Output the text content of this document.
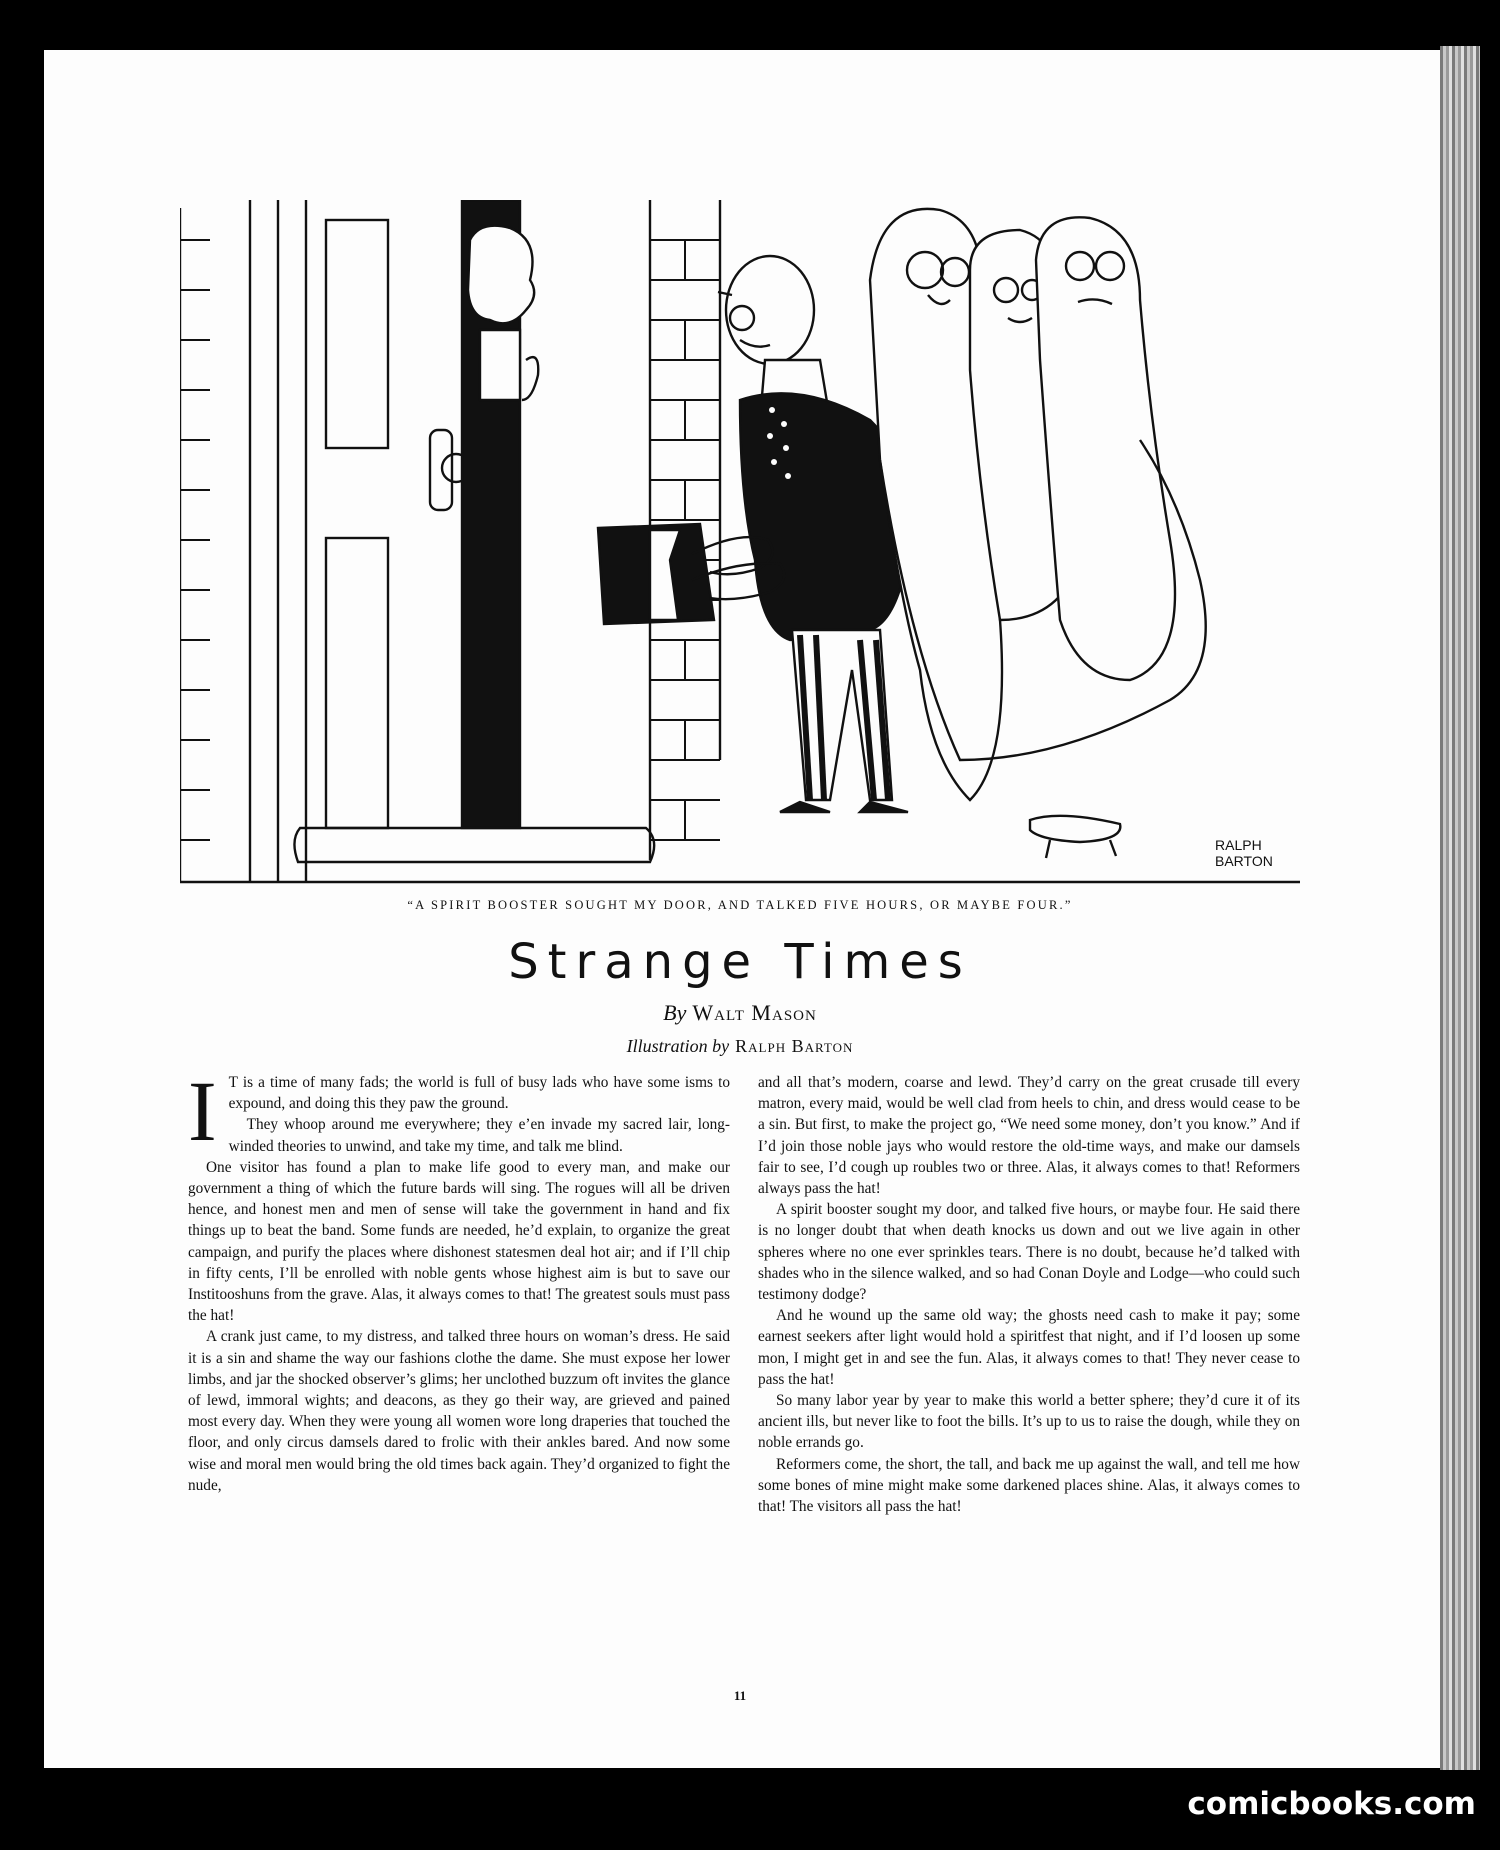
RALPH
BARTON
“A SPIRIT BOOSTER SOUGHT MY DOOR, AND TALKED FIVE HOURS, OR MAYBE FOUR.”
Strange Times
By Walt Mason
Illustration by Ralph Barton

I T is a time of many fads; the world is full of busy lads who have some isms to expound, and doing this they paw the ground.

They whoop around me everywhere; they e’en invade my sacred lair, long-winded theories to unwind, and take my time, and talk me blind.

One visitor has found a plan to make life good to every man, and make our government a thing of which the future bards will sing. The rogues will all be driven hence, and honest men and men of sense will take the government in hand and fix things up to beat the band. Some funds are needed, he’d explain, to organize the great campaign, and purify the places where dishonest statesmen deal hot air; and if I’ll chip in fifty cents, I’ll be enrolled with noble gents whose highest aim is but to save our Institooshuns from the grave. Alas, it always comes to that! The greatest souls must pass the hat!

A crank just came, to my distress, and talked three hours on woman’s dress. He said it is a sin and shame the way our fashions clothe the dame. She must expose her lower limbs, and jar the shocked observer’s glims; her unclothed buzzum oft invites the glance of lewd, immoral wights; and deacons, as they go their way, are grieved and pained most every day. When they were young all women wore long draperies that touched the floor, and only circus damsels dared to frolic with their ankles bared. And now some wise and moral men would bring the old times back again. They’d organized to fight the nude,

and all that’s modern, coarse and lewd. They’d carry on the great crusade till every matron, every maid, would be well clad from heels to chin, and dress would cease to be a sin. But first, to make the project go, “We need some money, don’t you know.” And if I’d join those noble jays who would restore the old-time ways, and make our damsels fair to see, I’d cough up roubles two or three. Alas, it always comes to that! Reformers always pass the hat!

A spirit booster sought my door, and talked five hours, or maybe four. He said there is no longer doubt that when death knocks us down and out we live again in other spheres where no one ever sprinkles tears. There is no doubt, because he’d talked with shades who in the silence walked, and so had Conan Doyle and Lodge—who could such testimony dodge?

And he wound up the same old way; the ghosts need cash to make it pay; some earnest seekers after light would hold a spiritfest that night, and if I’d loosen up some mon, I might get in and see the fun. Alas, it always comes to that! They never cease to pass the hat!

So many labor year by year to make this world a better sphere; they’d cure it of its ancient ills, but never like to foot the bills. It’s up to us to raise the dough, while they on noble errands go.

Reformers come, the short, the tall, and back me up against the wall, and tell me how some bones of mine might make some darkened places shine. Alas, it always comes to that! The visitors all pass the hat!

11
comicbooks.com
